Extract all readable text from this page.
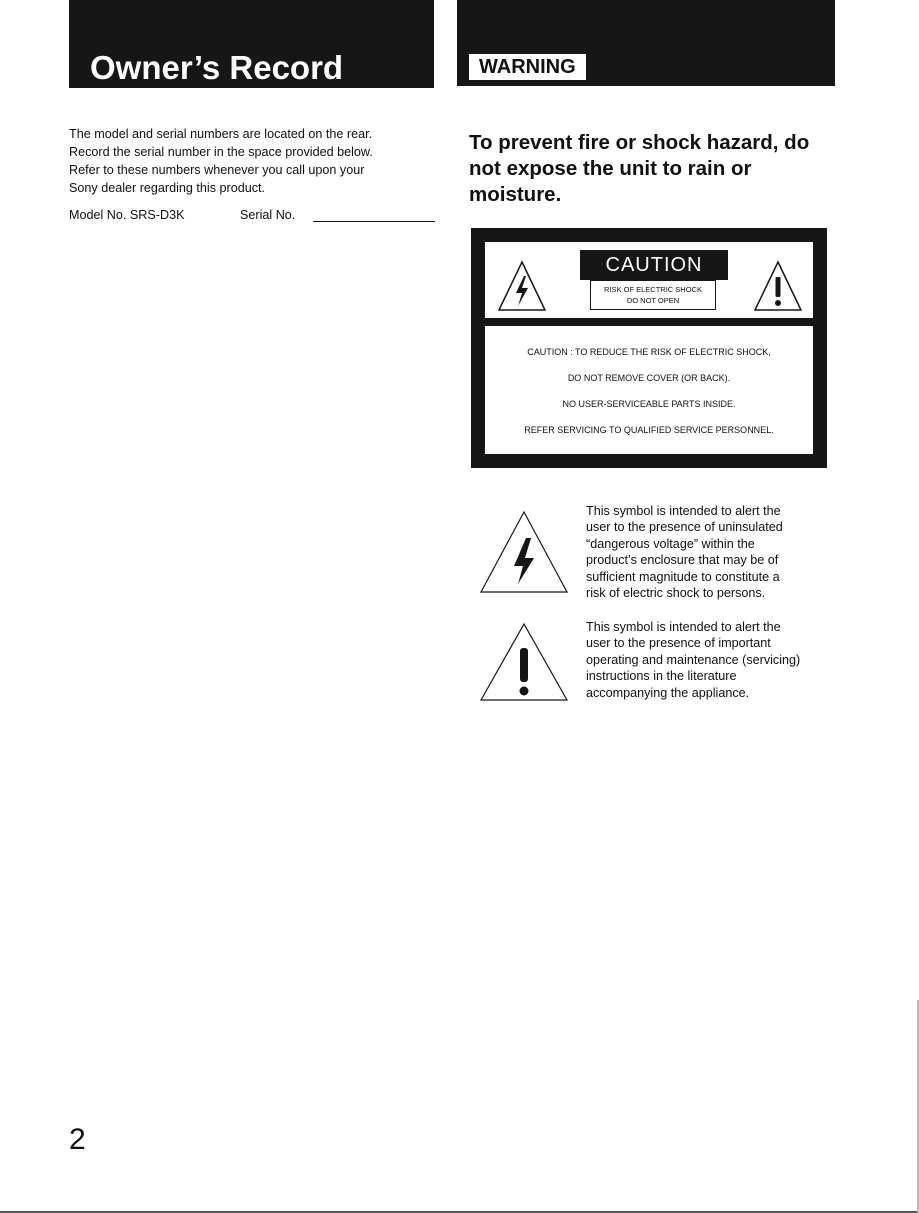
Owner’s Record	WARNING

The model and serial numbers are located on the rear.
Record the serial number in the space provided below.
Refer to these numbers whenever you call upon your
Sony dealer regarding this product.

Model No. SRS-D3K	Serial No.

To prevent fire or shock hazard, do
not expose the unit to rain or
moisture.

CAUTION
RISK OF ELECTRIC SHOCK
DO NOT OPEN
CAUTION : TO REDUCE THE RISK OF ELECTRIC SHOCK,
DO NOT REMOVE COVER (OR BACK).
NO USER-SERVICEABLE PARTS INSIDE.
REFER SERVICING TO QUALIFIED SERVICE PERSONNEL.

This symbol is intended to alert the
user to the presence of uninsulated
“dangerous voltage” within the
product’s enclosure that may be of
sufficient magnitude to constitute a
risk of electric shock to persons.

This symbol is intended to alert the
user to the presence of important
operating and maintenance (servicing)
instructions in the literature
accompanying the appliance.

2
